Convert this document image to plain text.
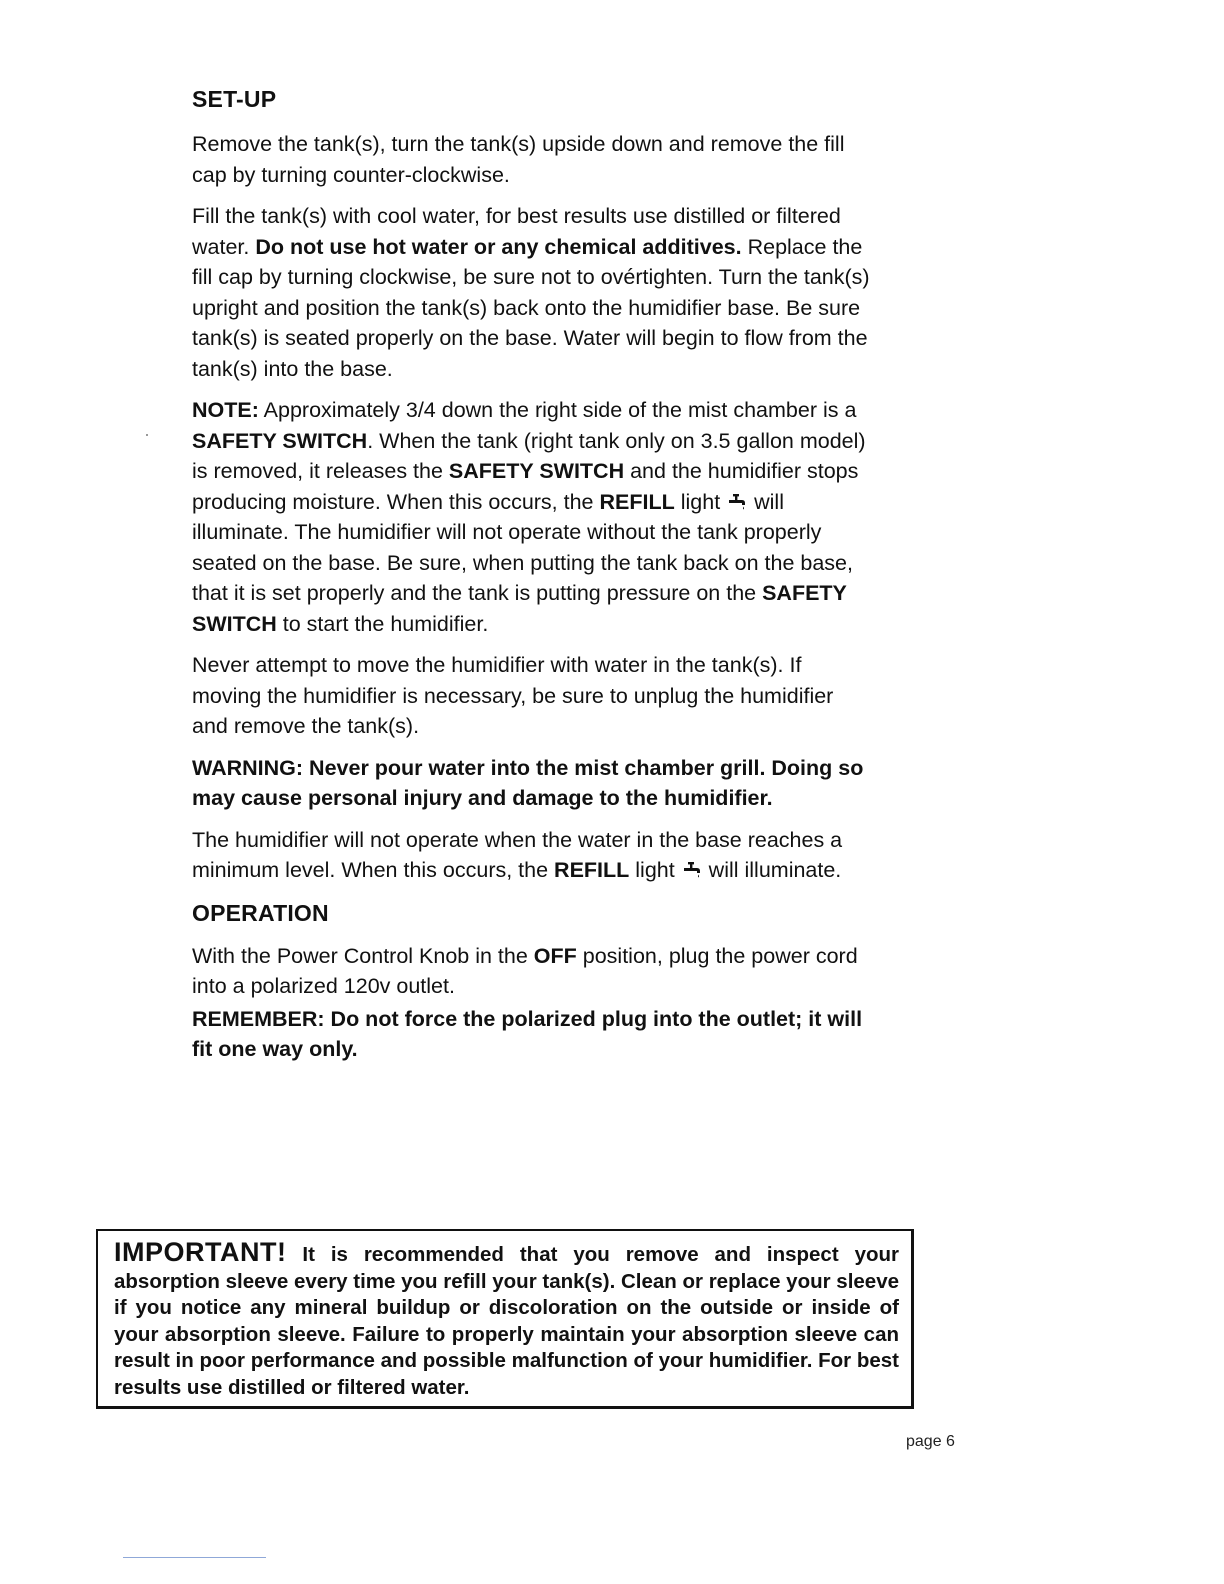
SET-UP

Remove the tank(s), turn the tank(s) upside down and remove the fill cap by turning counter-clockwise.

Fill the tank(s) with cool water, for best results use distilled or filtered water. Do not use hot water or any chemical additives. Replace the fill cap by turning clockwise, be sure not to ovértighten. Turn the tank(s) upright and position the tank(s) back onto the humidifier base. Be sure tank(s) is seated properly on the base. Water will begin to flow from the tank(s) into the base.

NOTE: Approximately 3/4 down the right side of the mist chamber is a SAFETY SWITCH. When the tank (right tank only on 3.5 gallon model) is removed, it releases the SAFETY SWITCH and the humidifier stops producing moisture. When this occurs, the REFILL light  will illuminate. The humidifier will not operate without the tank properly seated on the base. Be sure, when putting the tank back on the base, that it is set properly and the tank is putting pressure on the SAFETY SWITCH to start the humidifier.

Never attempt to move the humidifier with water in the tank(s). If moving the humidifier is necessary, be sure to unplug the humidifier and remove the tank(s).

WARNING: Never pour water into the mist chamber grill. Doing so may cause personal injury and damage to the humidifier.

The humidifier will not operate when the water in the base reaches a minimum level. When this occurs, the REFILL light  will illuminate.

OPERATION

With the Power Control Knob in the OFF position, plug the power cord into a polarized 120v outlet.

REMEMBER: Do not force the polarized plug into the outlet; it will fit one way only.

IMPORTANT! It is recommended that you remove and inspect your absorption sleeve every time you refill your tank(s). Clean or replace your sleeve if you notice any mineral buildup or discoloration on the outside or inside of your absorption sleeve. Failure to properly maintain your absorption sleeve can result in poor performance and possible malfunction of your humidifier. For best results use distilled or filtered water.
page 6
